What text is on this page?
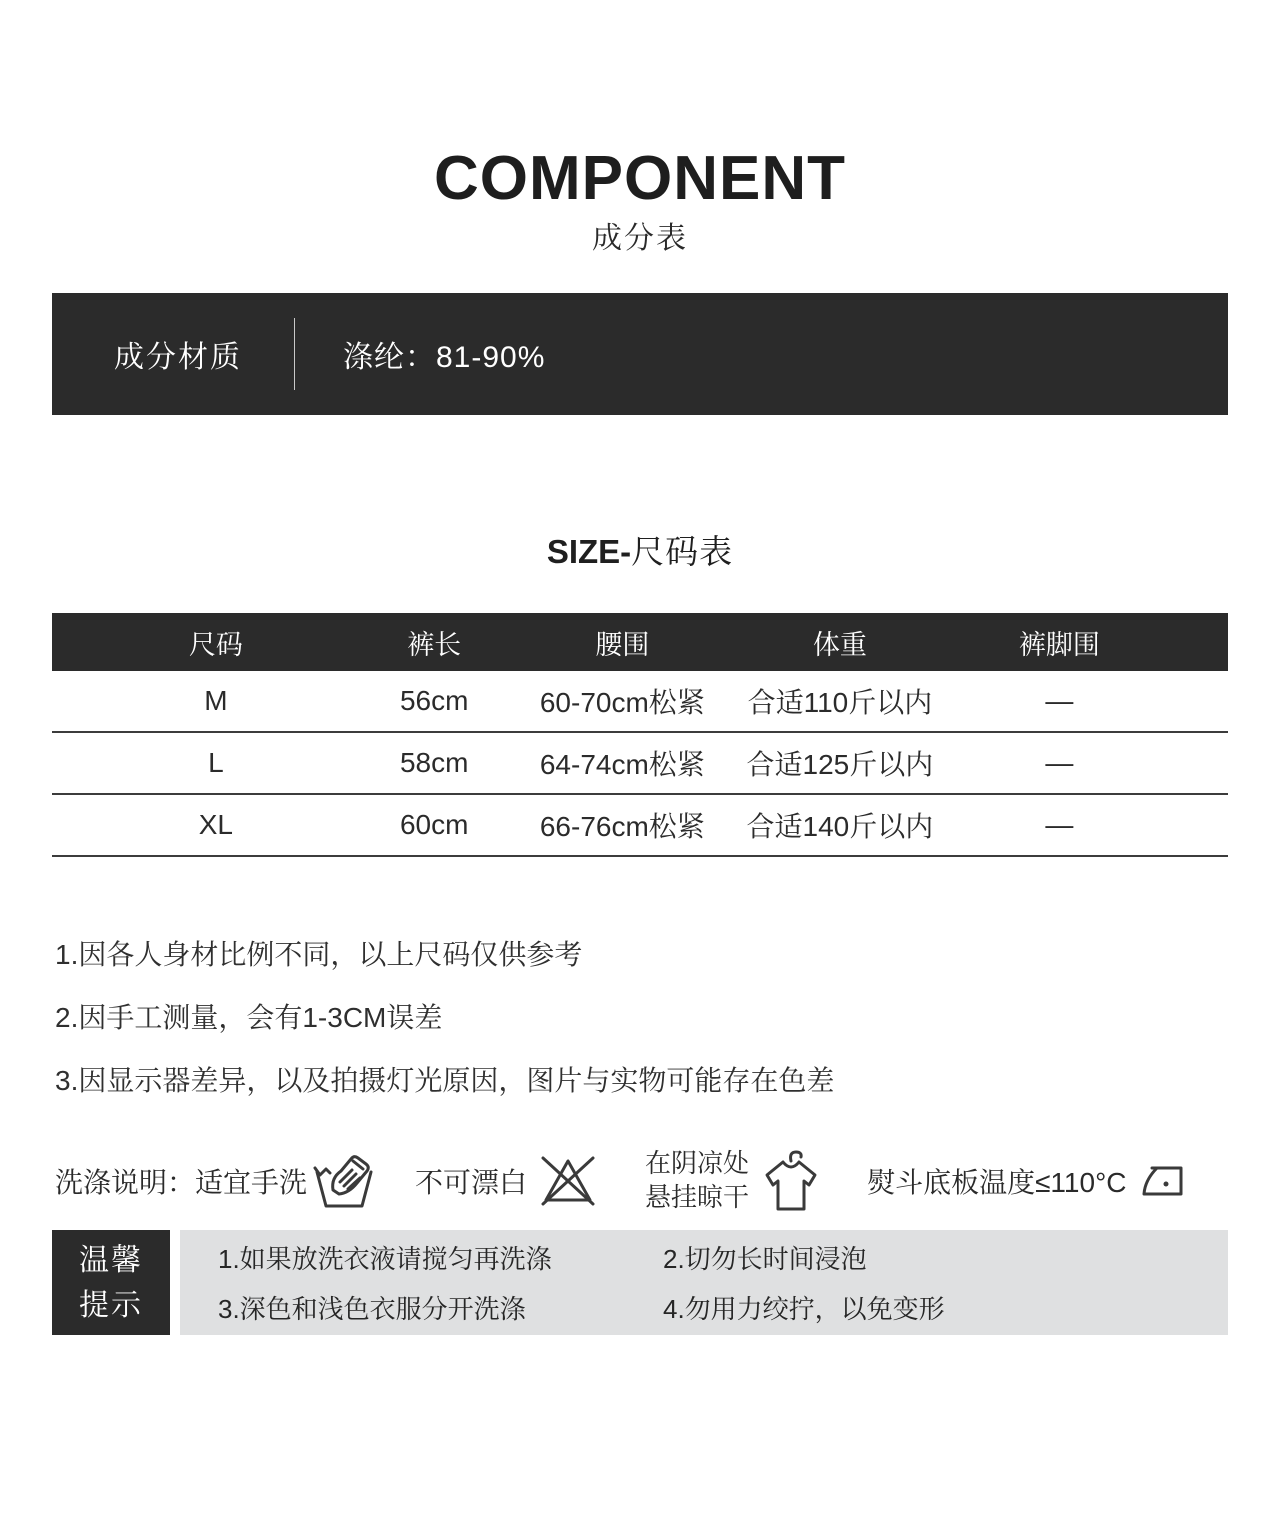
COMPONENT
成分表
成分材质	涤纶：81-90%
SIZE-尺码表
尺码	裤长	腰围	体重	裤脚围
M	56cm	60-70cm松紧	合适110斤以内	—
L	58cm	64-74cm松紧	合适125斤以内	—
XL	60cm	66-76cm松紧	合适140斤以内	—
1.因各人身材比例不同，以上尺码仅供参考
2.因手工测量，会有1-3CM误差
3.因显示器差异，以及拍摄灯光原因，图片与实物可能存在色差
洗涤说明： 适宜手洗	不可漂白
在阴凉处
悬挂晾干	熨斗底板温度≤110°C
温馨
提示
1.如果放洗衣液请搅匀再洗涤	2.切勿长时间浸泡
3.深色和浅色衣服分开洗涤	4.勿用力绞拧，以免变形
